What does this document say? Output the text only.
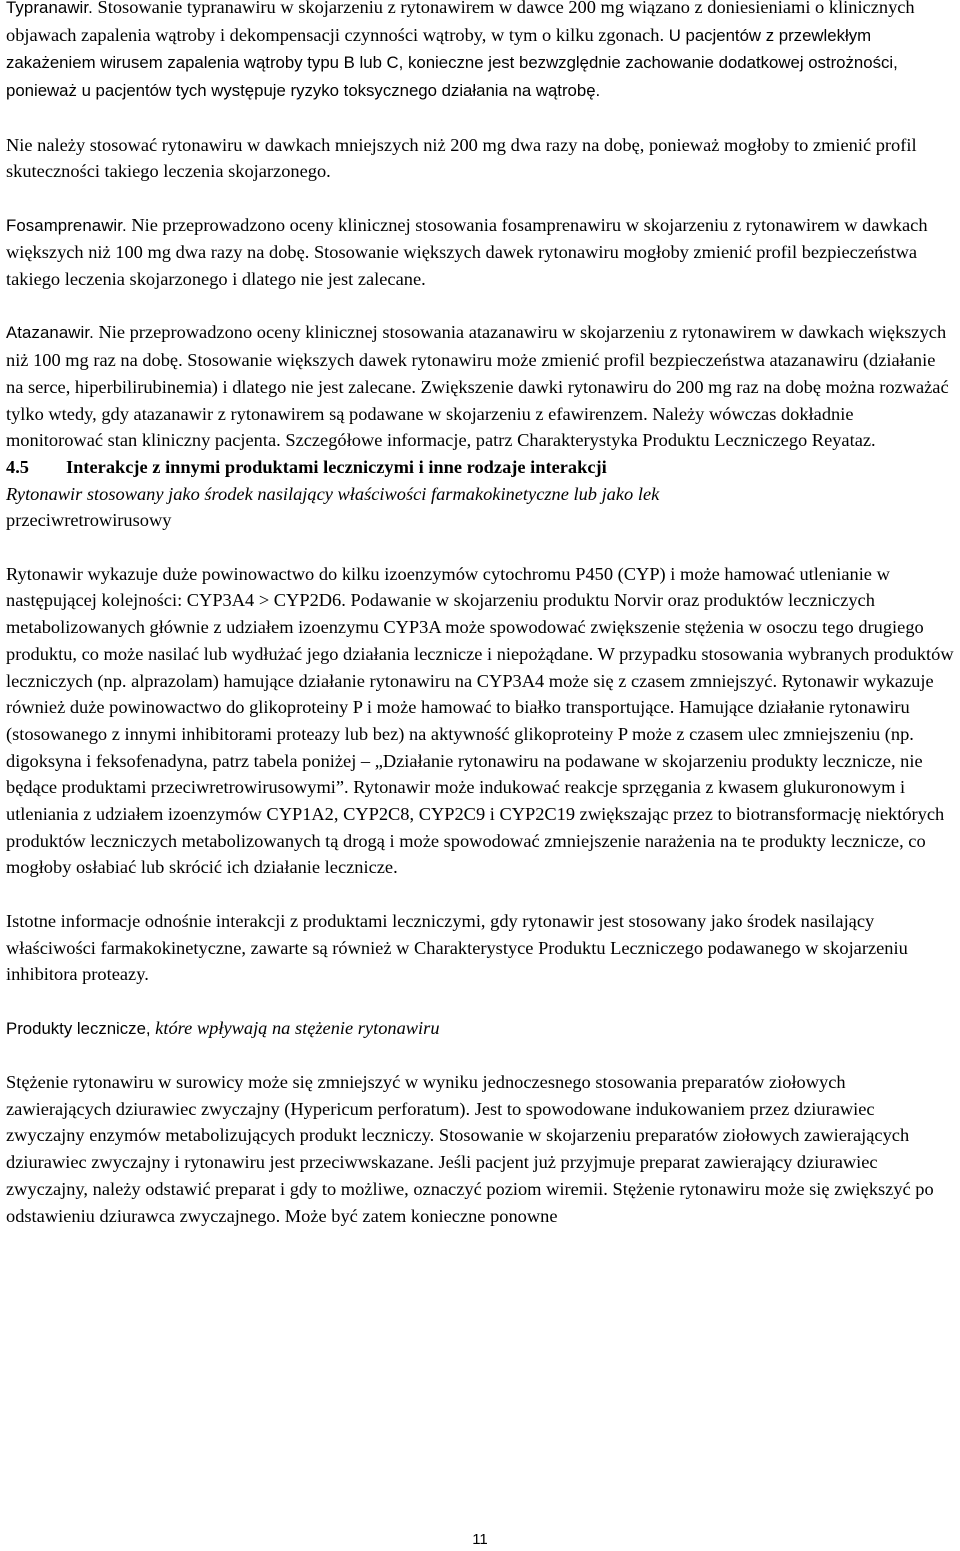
Typranawir. Stosowanie typranawiru w skojarzeniu z rytonawirem w dawce 200 mg wiązano z doniesieniami o klinicznych objawach zapalenia wątroby i dekompensacji czynności wątroby, w tym o kilku zgonach. U pacjentów z przewlekłym zakażeniem wirusem zapalenia wątroby typu B lub C, konieczne jest bezwzględnie zachowanie dodatkowej ostrożności, ponieważ u pacjentów tych występuje ryzyko toksycznego działania na wątrobę.

Nie należy stosować rytonawiru w dawkach mniejszych niż 200 mg dwa razy na dobę, ponieważ mogłoby to zmienić profil skuteczności takiego leczenia skojarzonego.

Fosamprenawir. Nie przeprowadzono oceny klinicznej stosowania fosamprenawiru w skojarzeniu z rytonawirem w dawkach większych niż 100 mg dwa razy na dobę. Stosowanie większych dawek rytonawiru mogłoby zmienić profil bezpieczeństwa takiego leczenia skojarzonego i dlatego nie jest zalecane.

Atazanawir. Nie przeprowadzono oceny klinicznej stosowania atazanawiru w skojarzeniu z rytonawirem w dawkach większych niż 100 mg raz na dobę. Stosowanie większych dawek rytonawiru może zmienić profil bezpieczeństwa atazanawiru (działanie na serce, hiperbilirubinemia) i dlatego nie jest zalecane. Zwiększenie dawki rytonawiru do 200 mg raz na dobę można rozważać tylko wtedy, gdy atazanawir z rytonawirem są podawane w skojarzeniu z efawirenzem. Należy wówczas dokładnie monitorować stan kliniczny pacjenta. Szczegółowe informacje, patrz Charakterystyka Produktu Leczniczego Reyataz.

4.5 Interakcje z innymi produktami leczniczymi i inne rodzaje interakcji

Rytonawir stosowany jako środek nasilający właściwości farmakokinetyczne lub jako lek

przeciwretrowirusowy

Rytonawir wykazuje duże powinowactwo do kilku izoenzymów cytochromu P450 (CYP) i może hamować utlenianie w następującej kolejności: CYP3A4 > CYP2D6. Podawanie w skojarzeniu produktu Norvir oraz produktów leczniczych metabolizowanych głównie z udziałem izoenzymu CYP3A może spowodować zwiększenie stężenia w osoczu tego drugiego produktu, co może nasilać lub wydłużać jego działania lecznicze i niepożądane. W przypadku stosowania wybranych produktów leczniczych (np. alprazolam) hamujące działanie rytonawiru na CYP3A4 może się z czasem zmniejszyć. Rytonawir wykazuje również duże powinowactwo do glikoproteiny P i może hamować to białko transportujące. Hamujące działanie rytonawiru (stosowanego z innymi inhibitorami proteazy lub bez) na aktywność glikoproteiny P może z czasem ulec zmniejszeniu (np. digoksyna i feksofenadyna, patrz tabela poniżej – „Działanie rytonawiru na podawane w skojarzeniu produkty lecznicze, nie będące produktami przeciwretrowirusowymi”. Rytonawir może indukować reakcje sprzęgania z kwasem glukuronowym i utleniania z udziałem izoenzymów CYP1A2, CYP2C8, CYP2C9 i CYP2C19 zwiększając przez to biotransformację niektórych produktów leczniczych metabolizowanych tą drogą i może spowodować zmniejszenie narażenia na te produkty lecznicze, co mogłoby osłabiać lub skrócić ich działanie lecznicze.

Istotne informacje odnośnie interakcji z produktami leczniczymi, gdy rytonawir jest stosowany jako środek nasilający właściwości farmakokinetyczne, zawarte są również w Charakterystyce Produktu Leczniczego podawanego w skojarzeniu inhibitora proteazy.

Produkty lecznicze, które wpływają na stężenie rytonawiru

Stężenie rytonawiru w surowicy może się zmniejszyć w wyniku jednoczesnego stosowania preparatów ziołowych zawierających dziurawiec zwyczajny (Hypericum perforatum). Jest to spowodowane indukowaniem przez dziurawiec zwyczajny enzymów metabolizujących produkt leczniczy. Stosowanie w skojarzeniu preparatów ziołowych zawierających dziurawiec zwyczajny i rytonawiru jest przeciwwskazane. Jeśli pacjent już przyjmuje preparat zawierający dziurawiec zwyczajny, należy odstawić preparat i gdy to możliwe, oznaczyć poziom wiremii. Stężenie rytonawiru może się zwiększyć po odstawieniu dziurawca zwyczajnego. Może być zatem konieczne ponowne

11
